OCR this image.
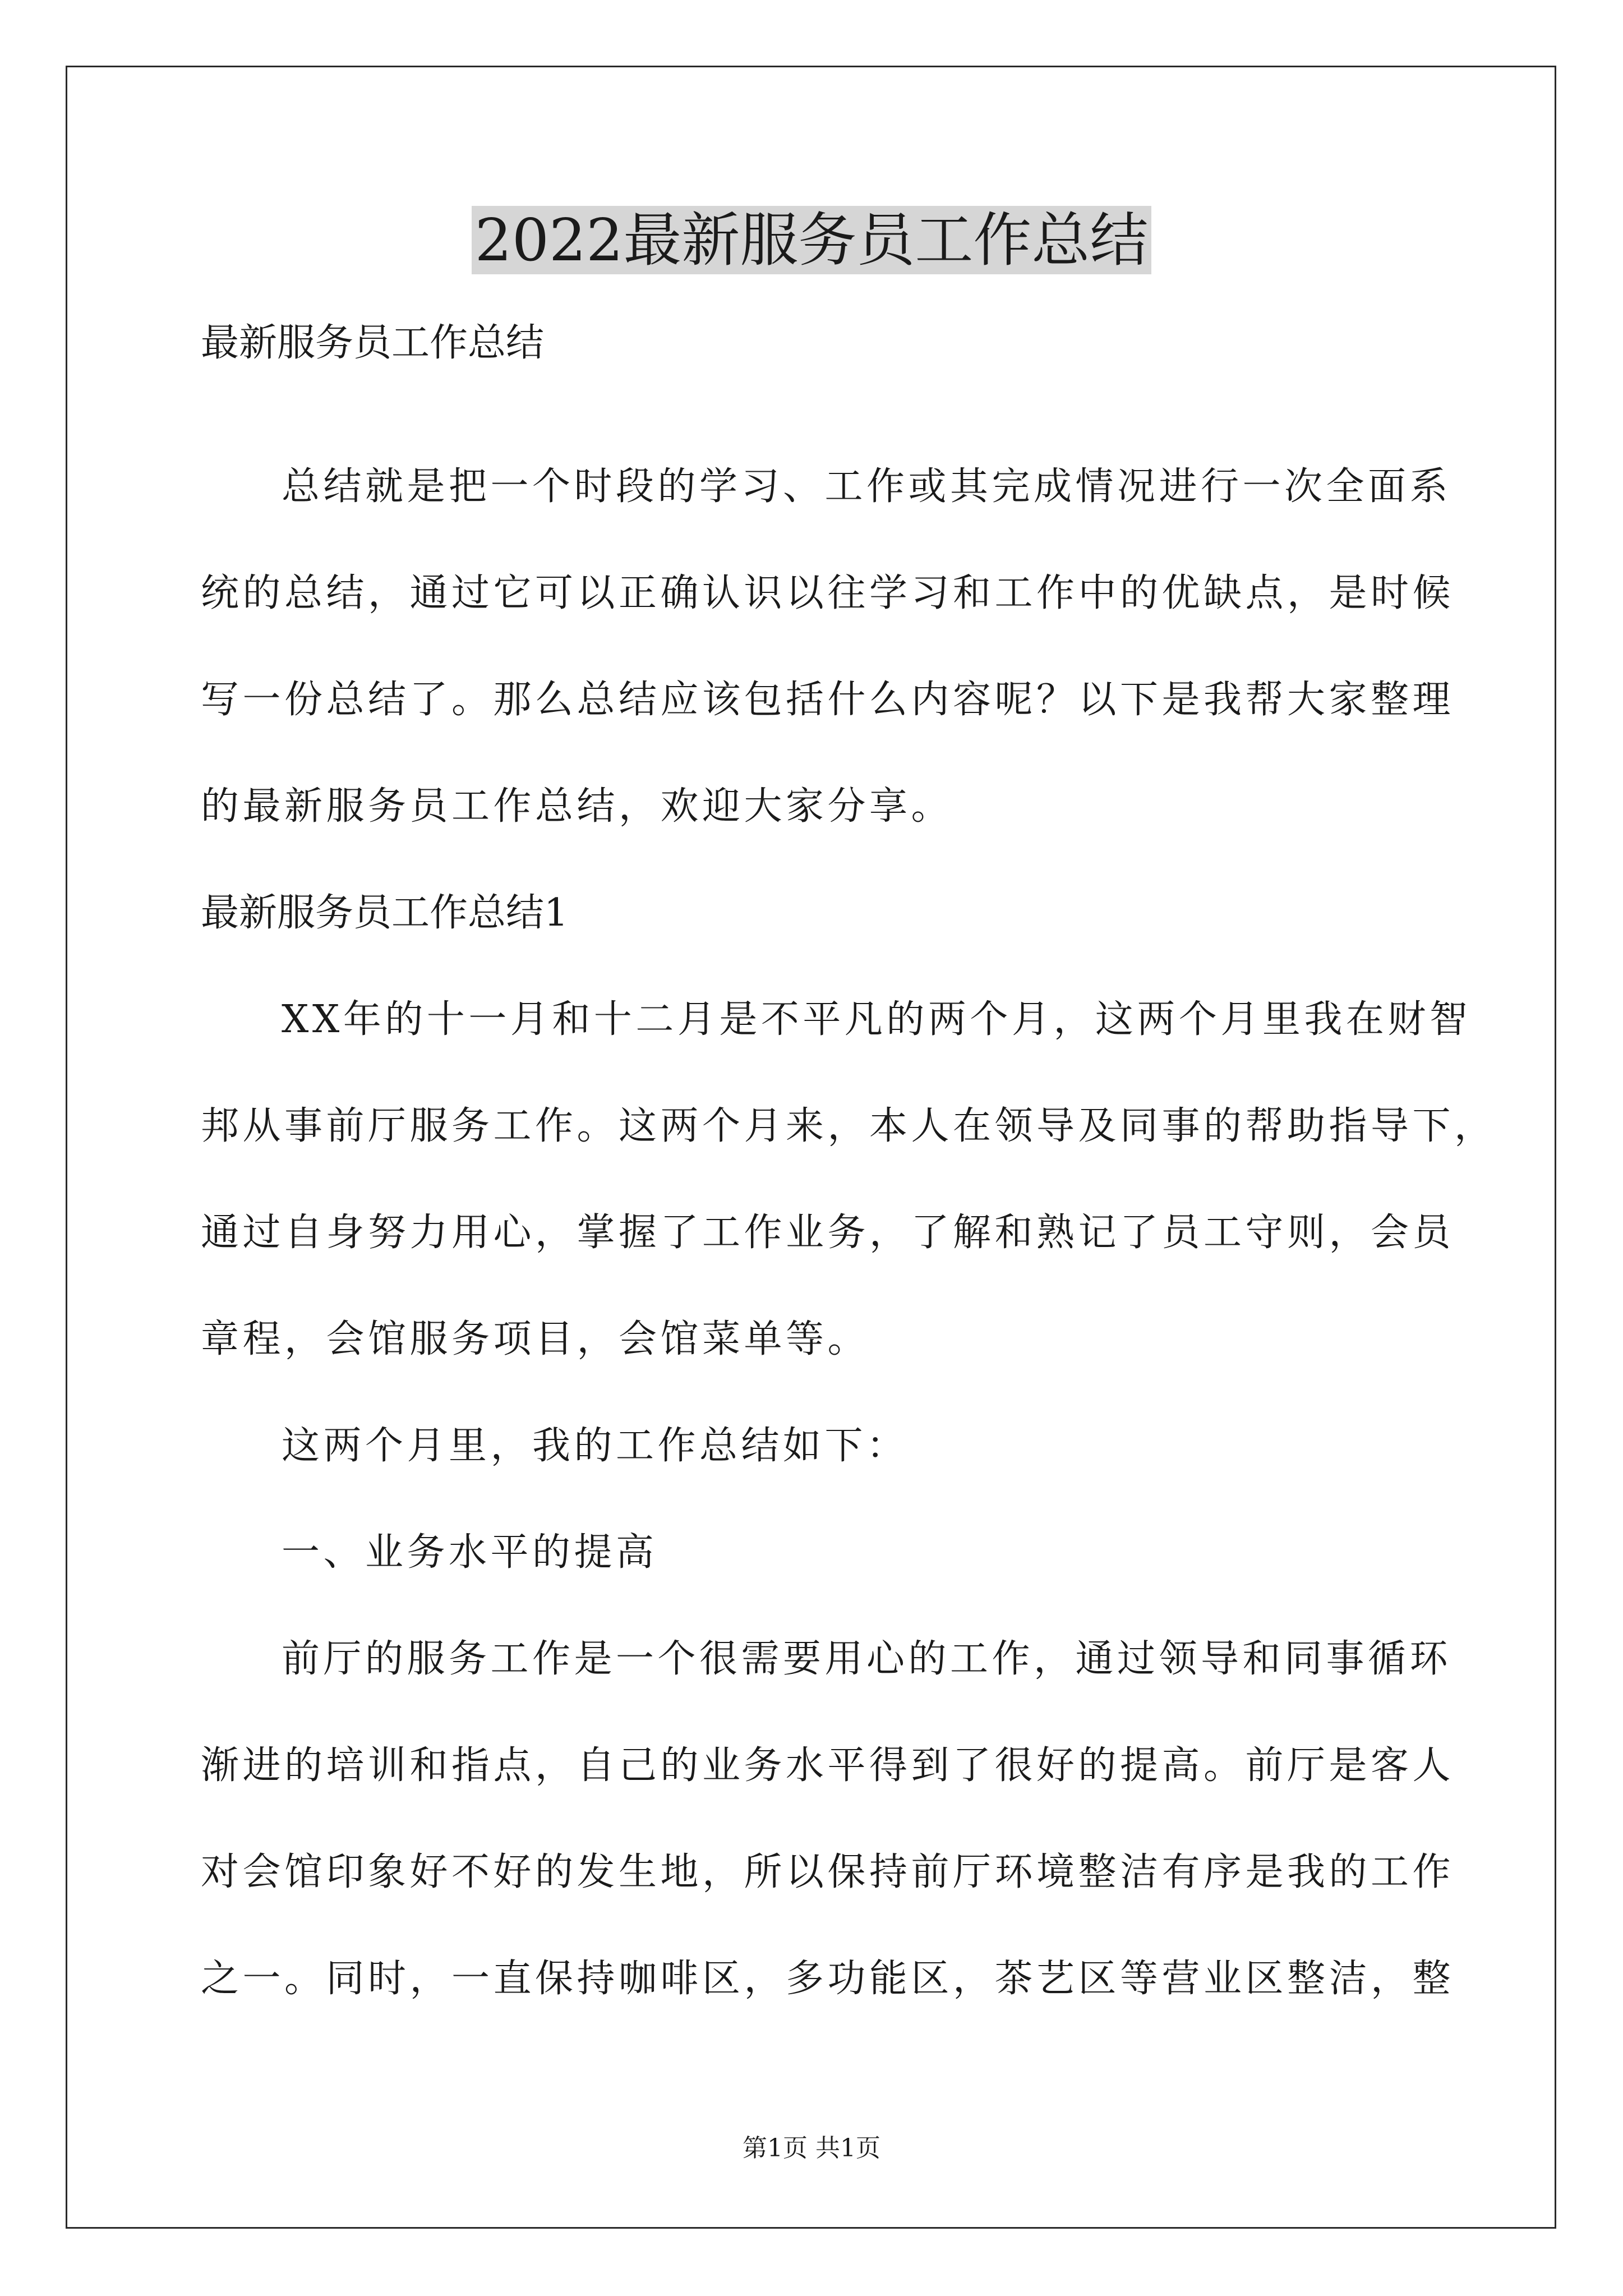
2022最新服务员工作总结
最新服务员工作总结
总结就是把一个时段的学习、工作或其完成情况进行一次全面系
统的总结，通过它可以正确认识以往学习和工作中的优缺点，是时候
写一份总结了。那么总结应该包括什么内容呢？以下是我帮大家整理
的最新服务员工作总结，欢迎大家分享。
最新服务员工作总结1
XX年的十一月和十二月是不平凡的两个月，这两个月里我在财智
邦从事前厅服务工作。这两个月来，本人在领导及同事的帮助指导下，
通过自身努力用心，掌握了工作业务，了解和熟记了员工守则，会员
章程，会馆服务项目，会馆菜单等。
这两个月里，我的工作总结如下：
一、业务水平的提高
前厅的服务工作是一个很需要用心的工作，通过领导和同事循环
渐进的培训和指点，自己的业务水平得到了很好的提高。前厅是客人
对会馆印象好不好的发生地，所以保持前厅环境整洁有序是我的工作
之一。同时，一直保持咖啡区，多功能区，茶艺区等营业区整洁，整
第1页 共1页
